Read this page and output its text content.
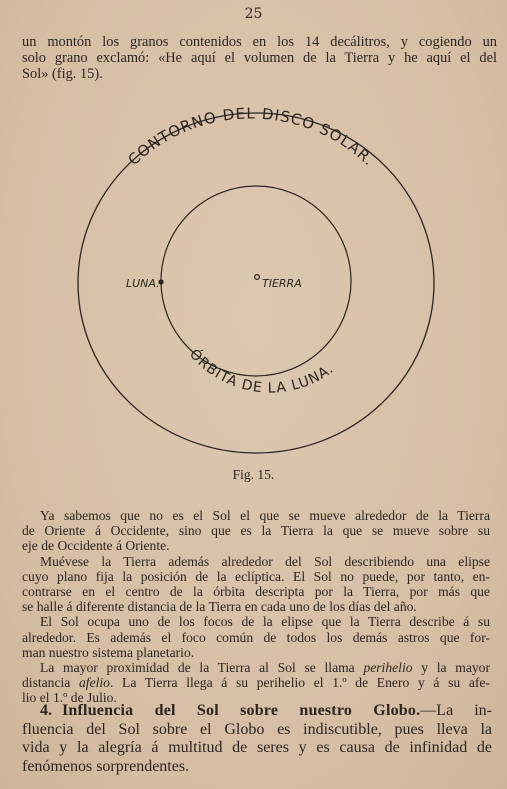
25

un montón los granos contenidos en los 14 decálitros, y cogiendo un
solo grano exclamó: «He aquí el volumen de la Tierra y he aquí el del
Sol» (fig. 15).

CONTORNO DEL DISCO SOLAR.
ÓRBITA DE LA LUNA.
LUNA.	TIERRA
Fig. 15.

Ya sabemos que no es el Sol el que se mueve alrededor de la Tierra
de Oriente á Occidente, sino que es la Tierra la que se mueve sobre su
eje de Occidente á Oriente.

Muévese la Tierra además alrededor del Sol describiendo una elipse
cuyo plano fija la posición de la eclíptica. El Sol no puede, por tanto, en-
contrarse en el centro de la órbita descripta por la Tierra, por más que
se halle á diferente distancia de la Tierra en cada uno de los días del año.

El Sol ocupa uno de los focos de la elipse que la Tierra describe á su
alrededor. Es además el foco común de todos los demás astros que for-
man nuestro sistema planetario.

La mayor proximidad de la Tierra al Sol se llama perihelio y la mayor
distancia afelio. La Tierra llega á su perihelio el 1.º de Enero y á su afe-
lio el 1.º de Julio.

4. Influencia del Sol sobre nuestro Globo.—La in-
fluencia del Sol sobre el Globo es indiscutible, pues lleva la
vida y la alegría á multitud de seres y es causa de infinidad de
fenómenos sorprendentes.
